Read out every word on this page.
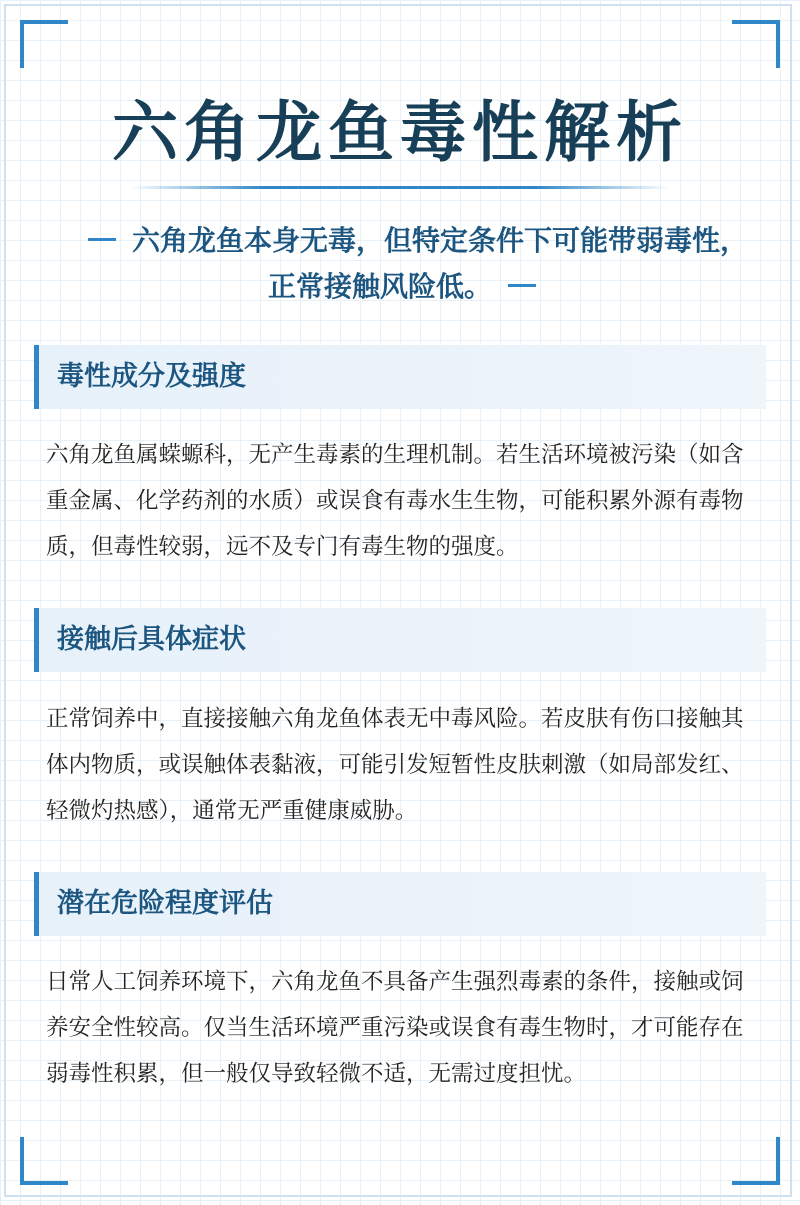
六角龙鱼毒性解析
六角龙鱼本身无毒，但特定条件下可能带弱毒性，正常接触风险低。
毒性成分及强度

六角龙鱼属蝾螈科，无产生毒素的生理机制。若生活环境被污染（如含重金属、化学药剂的水质）或误食有毒水生生物，可能积累外源有毒物质，但毒性较弱，远不及专门有毒生物的强度。

接触后具体症状

正常饲养中，直接接触六角龙鱼体表无中毒风险。若皮肤有伤口接触其体内物质，或误触体表黏液，可能引发短暂性皮肤刺激（如局部发红、轻微灼热感），通常无严重健康威胁。

潜在危险程度评估

日常人工饲养环境下，六角龙鱼不具备产生强烈毒素的条件，接触或饲养安全性较高。仅当生活环境严重污染或误食有毒生物时，才可能存在弱毒性积累，但一般仅导致轻微不适，无需过度担忧。
